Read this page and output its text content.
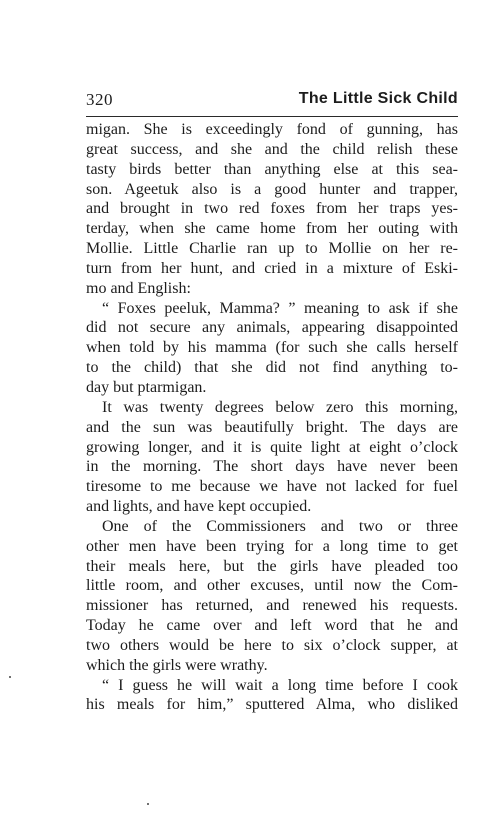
320	The Little Sick Child
migan. She is exceedingly fond of gunning, has
great success, and she and the child relish these
tasty birds better than anything else at this sea-
son. Ageetuk also is a good hunter and trapper,
and brought in two red foxes from her traps yes-
terday, when she came home from her outing with
Mollie. Little Charlie ran up to Mollie on her re-
turn from her hunt, and cried in a mixture of Eski-
mo and English:
“ Foxes peeluk, Mamma? ” meaning to ask if she
did not secure any animals, appearing disappointed
when told by his mamma (for such she calls herself
to the child) that she did not find anything to-
day but ptarmigan.
It was twenty degrees below zero this morning,
and the sun was beautifully bright. The days are
growing longer, and it is quite light at eight o’clock
in the morning. The short days have never been
tiresome to me because we have not lacked for fuel
and lights, and have kept occupied.
One of the Commissioners and two or three
other men have been trying for a long time to get
their meals here, but the girls have pleaded too
little room, and other excuses, until now the Com-
missioner has returned, and renewed his requests.
Today he came over and left word that he and
two others would be here to six o’clock supper, at
which the girls were wrathy.
“ I guess he will wait a long time before I cook
his meals for him,” sputtered Alma, who disliked
